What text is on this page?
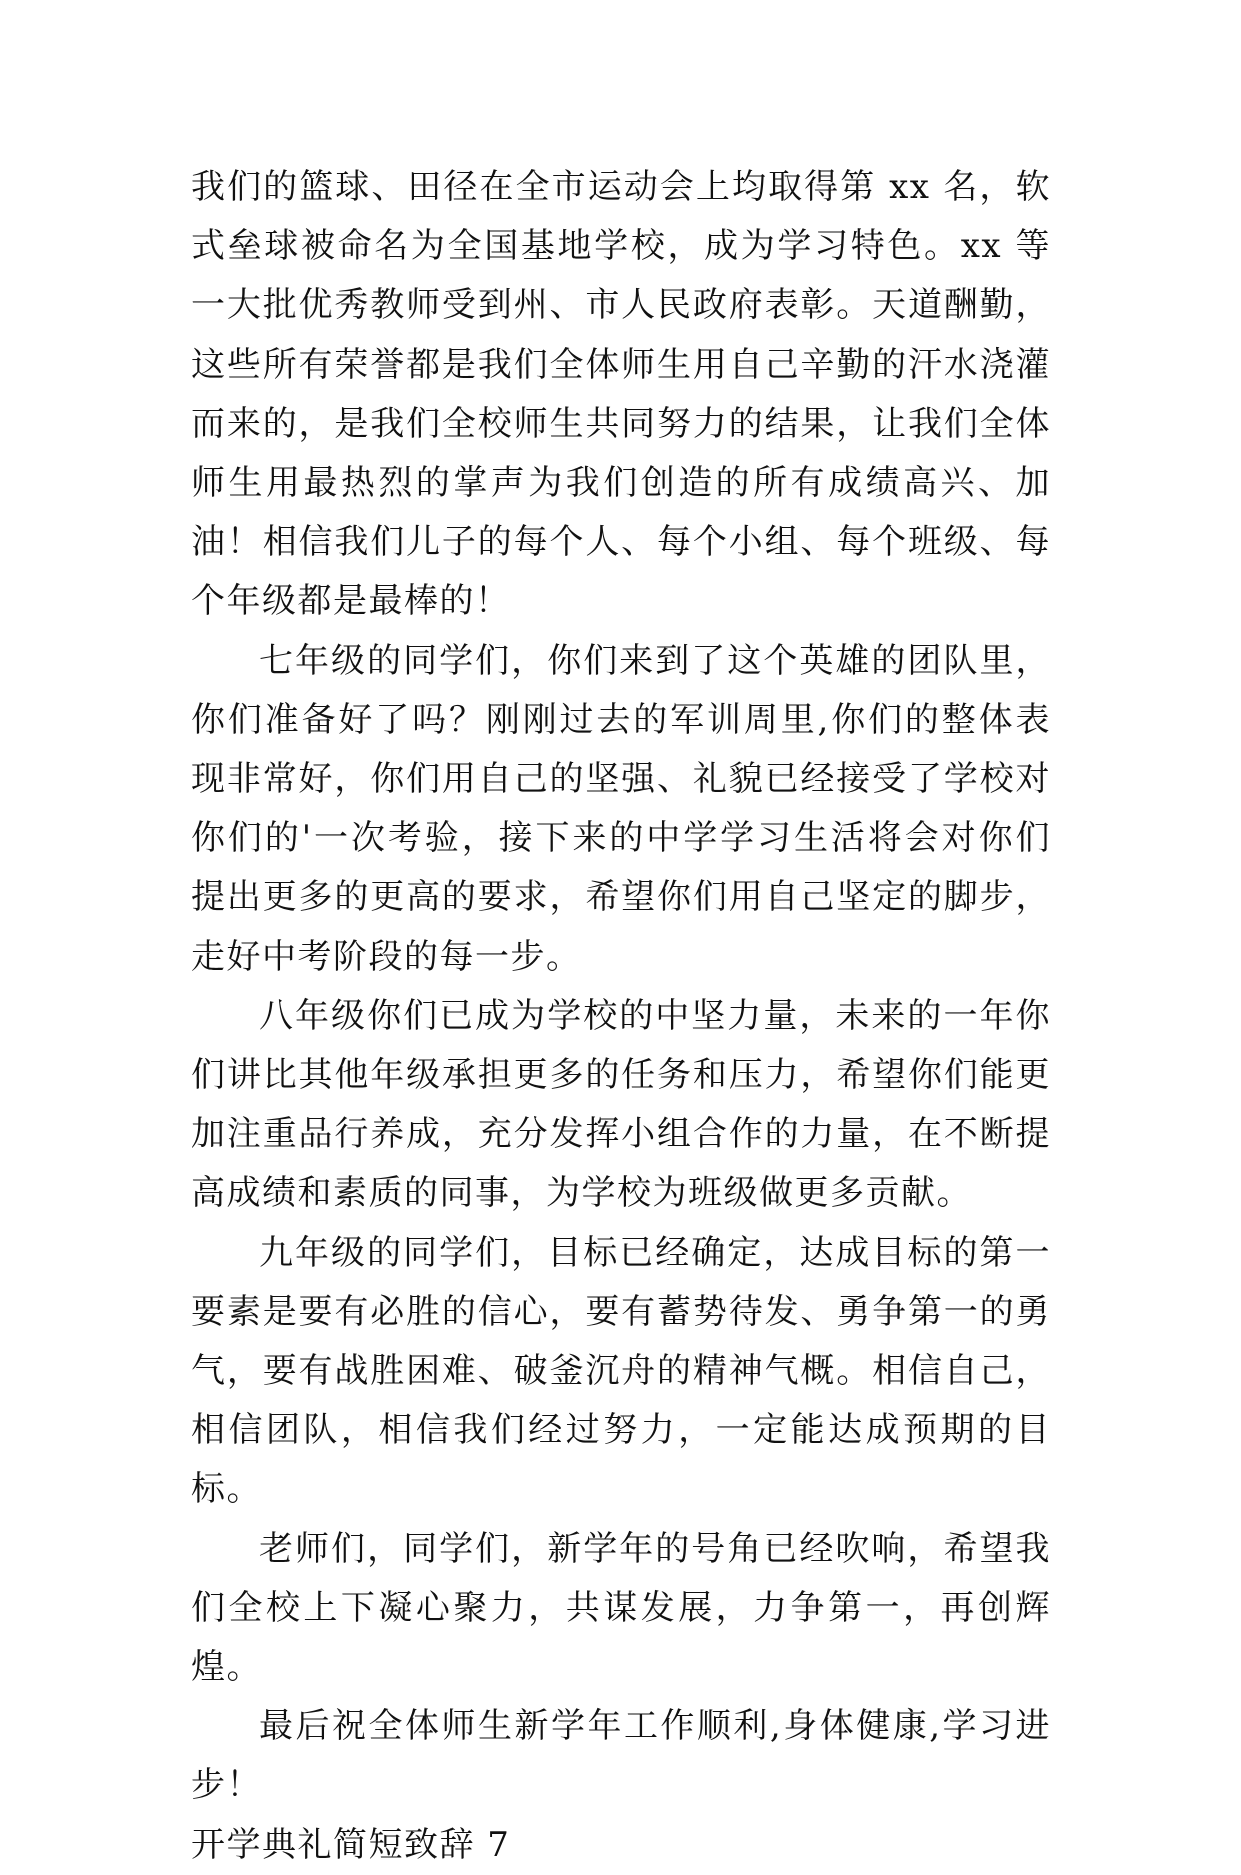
我们的篮球、田径在全市运动会上均取得第 xx 名，软式垒球被命名为全国基地学校，成为学习特色。xx 等一大批优秀教师受到州、市人民政府表彰。天道酬勤，这些所有荣誉都是我们全体师生用自己辛勤的汗水浇灌而来的，是我们全校师生共同努力的结果，让我们全体师生用最热烈的掌声为我们创造的所有成绩高兴、加油！相信我们儿子的每个人、每个小组、每个班级、每个年级都是最棒的！

七年级的同学们，你们来到了这个英雄的团队里，你们准备好了吗？刚刚过去的军训周里,你们的整体表现非常好，你们用自己的坚强、礼貌已经接受了学校对你们的'一次考验，接下来的中学学习生活将会对你们提出更多的更高的要求，希望你们用自己坚定的脚步，走好中考阶段的每一步。

八年级你们已成为学校的中坚力量，未来的一年你们讲比其他年级承担更多的任务和压力，希望你们能更加注重品行养成，充分发挥小组合作的力量，在不断提高成绩和素质的同事，为学校为班级做更多贡献。

九年级的同学们，目标已经确定，达成目标的第一要素是要有必胜的信心，要有蓄势待发、勇争第一的勇气，要有战胜困难、破釜沉舟的精神气概。相信自己，相信团队，相信我们经过努力，一定能达成预期的目标。

老师们，同学们，新学年的号角已经吹响，希望我们全校上下凝心聚力，共谋发展，力争第一，再创辉煌。

最后祝全体师生新学年工作顺利,身体健康,学习进步！

开学典礼简短致辞 7
